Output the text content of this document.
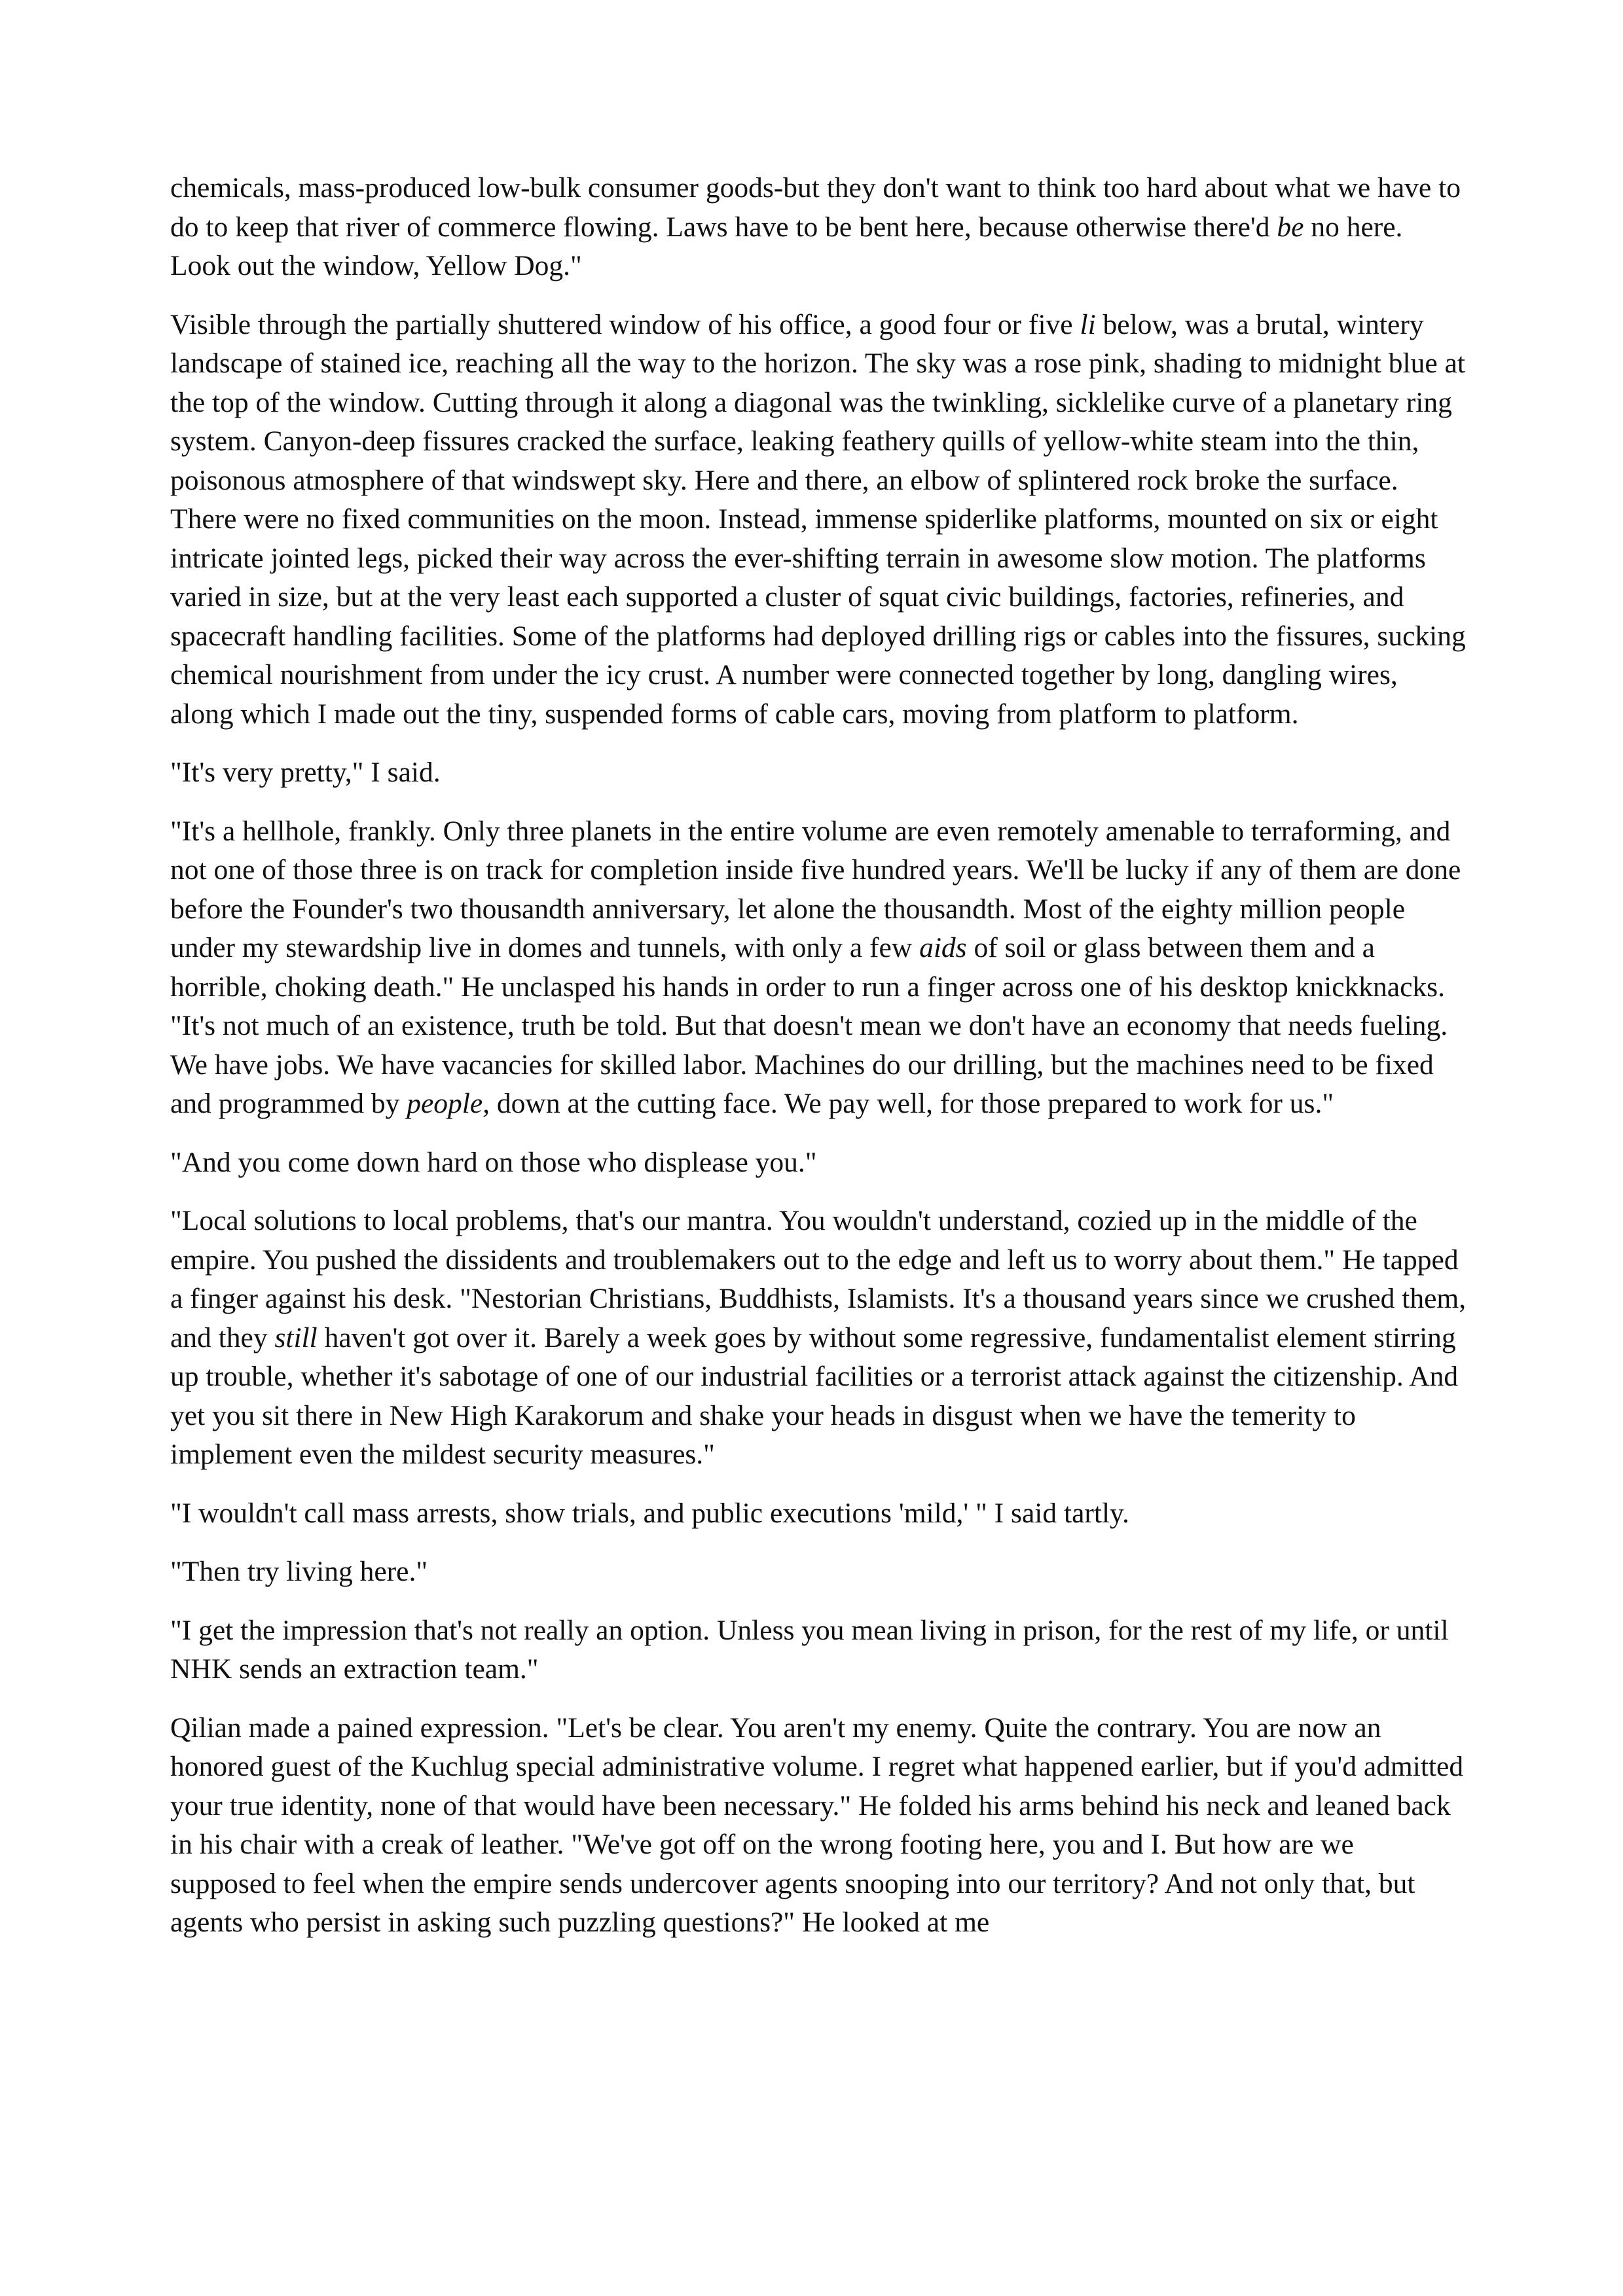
chemicals, mass-produced low-bulk consumer goods-but they don't want to think too hard about what we have to do to keep that river of commerce flowing. Laws have to be bent here, because otherwise there'd be no here. Look out the window, Yellow Dog."

Visible through the partially shuttered window of his office, a good four or five li below, was a brutal, wintery landscape of stained ice, reaching all the way to the horizon. The sky was a rose pink, shading to midnight blue at the top of the window. Cutting through it along a diagonal was the twinkling, sicklelike curve of a planetary ring system. Canyon-deep fissures cracked the surface, leaking feathery quills of yellow-white steam into the thin, poisonous atmosphere of that windswept sky. Here and there, an elbow of splintered rock broke the surface. There were no fixed communities on the moon. Instead, immense spiderlike platforms, mounted on six or eight intricate jointed legs, picked their way across the ever-shifting terrain in awesome slow motion. The platforms varied in size, but at the very least each supported a cluster of squat civic buildings, factories, refineries, and spacecraft handling facilities. Some of the platforms had deployed drilling rigs or cables into the fissures, sucking chemical nourishment from under the icy crust. A number were connected together by long, dangling wires, along which I made out the tiny, suspended forms of cable cars, moving from platform to platform.

"It's very pretty," I said.

"It's a hellhole, frankly. Only three planets in the entire volume are even remotely amenable to terraforming, and not one of those three is on track for completion inside five hundred years. We'll be lucky if any of them are done before the Founder's two thousandth anniversary, let alone the thousandth. Most of the eighty million people under my stewardship live in domes and tunnels, with only a few aids of soil or glass between them and a horrible, choking death." He unclasped his hands in order to run a finger across one of his desktop knickknacks. "It's not much of an existence, truth be told. But that doesn't mean we don't have an economy that needs fueling. We have jobs. We have vacancies for skilled labor. Machines do our drilling, but the machines need to be fixed and programmed by people, down at the cutting face. We pay well, for those prepared to work for us."

"And you come down hard on those who displease you."

"Local solutions to local problems, that's our mantra. You wouldn't understand, cozied up in the middle of the empire. You pushed the dissidents and troublemakers out to the edge and left us to worry about them." He tapped a finger against his desk. "Nestorian Christians, Buddhists, Islamists. It's a thousand years since we crushed them, and they still haven't got over it. Barely a week goes by without some regressive, fundamentalist element stirring up trouble, whether it's sabotage of one of our industrial facilities or a terrorist attack against the citizenship. And yet you sit there in New High Karakorum and shake your heads in disgust when we have the temerity to implement even the mildest security measures."

"I wouldn't call mass arrests, show trials, and public executions 'mild,' " I said tartly.

"Then try living here."

"I get the impression that's not really an option. Unless you mean living in prison, for the rest of my life, or until NHK sends an extraction team."

Qilian made a pained expression. "Let's be clear. You aren't my enemy. Quite the contrary. You are now an honored guest of the Kuchlug special administrative volume. I regret what happened earlier, but if you'd admitted your true identity, none of that would have been necessary." He folded his arms behind his neck and leaned back in his chair with a creak of leather. "We've got off on the wrong footing here, you and I. But how are we supposed to feel when the empire sends undercover agents snooping into our territory? And not only that, but agents who persist in asking such puzzling questions?" He looked at me
